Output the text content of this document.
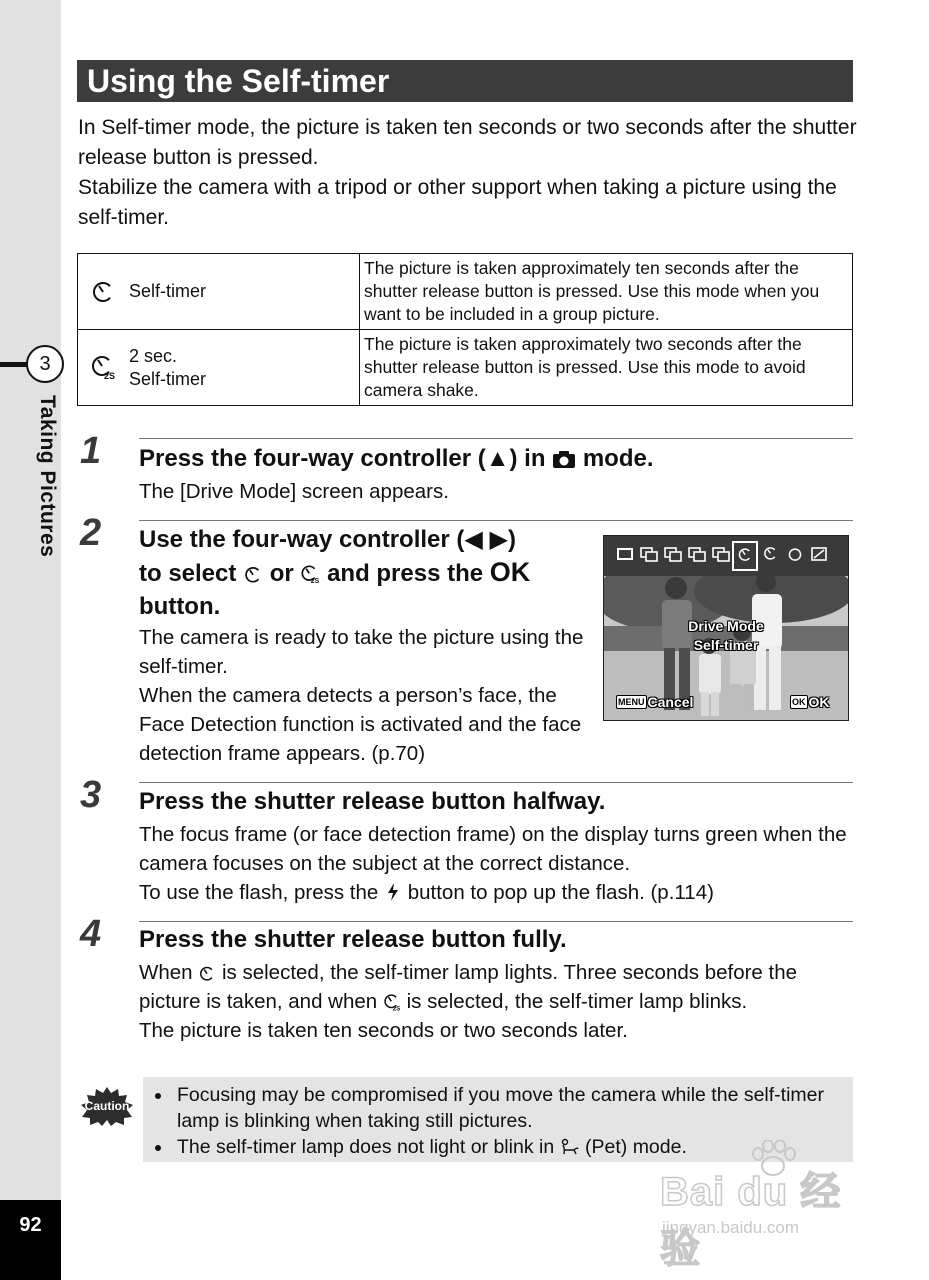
3
Taking Pictures
92
Using the Self-timer

In Self-timer mode, the picture is taken ten seconds or two seconds after the shutter release button is pressed.

Stabilize the camera with a tripod or other support when taking a picture using the self-timer.

Self-timer	The picture is taken approximately ten seconds after the shutter release button is pressed. Use this mode when you want to be included in a group picture.

2S
2 sec.
Self-timer	The picture is taken approximately two seconds after the shutter release button is pressed. Use this mode to avoid camera shake.
1 Press the four-way controller (▲) in mode.
The [Drive Mode] screen appears.
2 Use the four-way controller (◀ ▶)
to select or 2S and press the OK
button.

The camera is ready to take the picture using the self-timer.

When the camera detects a person’s face, the Face Detection function is activated and the face detection frame appears. (p.70)

Drive Mode
Self-timer
MENU Cancel	OK OK
3 Press the shutter release button halfway.

The focus frame (or face detection frame) on the display turns green when the camera focuses on the subject at the correct distance.

To use the flash, press the button to pop up the flash. (p.114)

4 Press the shutter release button fully.

When is selected, the self-timer lamp lights. Three seconds before the picture is taken, and when 2S is selected, the self-timer lamp blinks.

The picture is taken ten seconds or two seconds later.

Caution • Focusing may be compromised if you move the camera while the self-timer lamp is blinking when taking still pictures.
• The self-timer lamp does not light or blink in (Pet) mode.
Bai du 经验
jingyan.baidu.com
